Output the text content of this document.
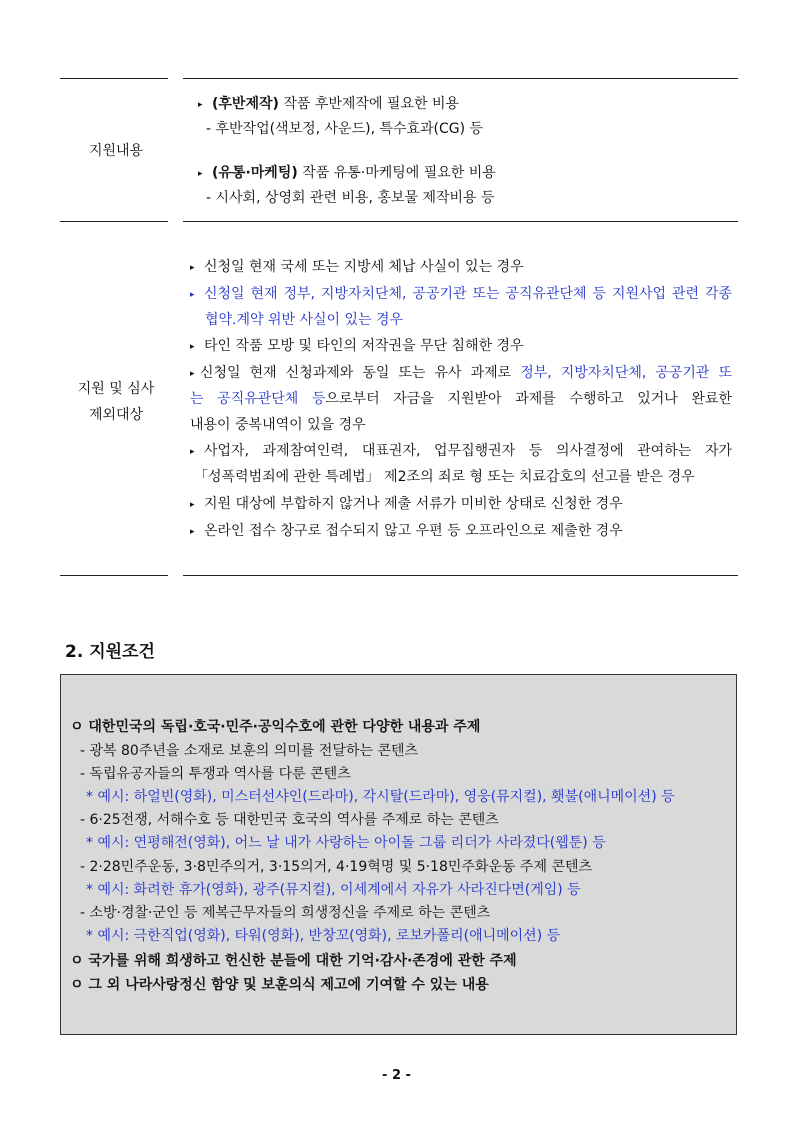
지원내용
▸ (후반제작) 작품 후반제작에 필요한 비용
- 후반작업(색보정, 사운드), 특수효과(CG) 등
▸ (유통·마케팅) 작품 유통·마케팅에 필요한 비용
- 시사회, 상영회 관련 비용, 홍보물 제작비용 등
지원 및 심사
제외대상
▸ 신청일 현재 국세 또는 지방세 체납 사실이 있는 경우
▸ 신청일 현재 정부, 지방자치단체, 공공기관 또는 공직유관단체 등 지원사업 관련 각종
협약.계약 위반 사실이 있는 경우
▸ 타인 작품 모방 및 타인의 저작권을 무단 침해한 경우
▸ 신청일 현재 신청과제와 동일 또는 유사 과제로 정부, 지방자치단체, 공공기관 또
는 공직유관단체 등으로부터 자금을 지원받아 과제를 수행하고 있거나 완료한
내용이 중복내역이 있을 경우
▸ 사업자, 과제참여인력, 대표권자, 업무집행권자 등 의사결정에 관여하는 자가
「성폭력범죄에 관한 특례법」 제2조의 죄로 형 또는 치료감호의 선고를 받은 경우
▸ 지원 대상에 부합하지 않거나 제출 서류가 미비한 상태로 신청한 경우
▸ 온라인 접수 창구로 접수되지 않고 우편 등 오프라인으로 제출한 경우
2. 지원조건
ㅇ 대한민국의 독립·호국·민주·공익수호에 관한 다양한 내용과 주제
- 광복 80주년을 소재로 보훈의 의미를 전달하는 콘텐츠
- 독립유공자들의 투쟁과 역사를 다룬 콘텐츠
* 예시: 하얼빈(영화), 미스터선샤인(드라마), 각시탈(드라마), 영웅(뮤지컬), 횃불(애니메이션) 등
- 6·25전쟁, 서해수호 등 대한민국 호국의 역사를 주제로 하는 콘텐츠
* 예시: 연평해전(영화), 어느 날 내가 사랑하는 아이돌 그룹 리더가 사라졌다(웹툰) 등
- 2·28민주운동, 3·8민주의거, 3·15의거, 4·19혁명 및 5·18민주화운동 주제 콘텐츠
* 예시: 화려한 휴가(영화), 광주(뮤지컬), 이세계에서 자유가 사라진다면(게임) 등
- 소방·경찰·군인 등 제복근무자들의 희생정신을 주제로 하는 콘텐츠
* 예시: 극한직업(영화), 타워(영화), 반창꼬(영화), 로보카폴리(애니메이션) 등
ㅇ 국가를 위해 희생하고 헌신한 분들에 대한 기억·감사·존경에 관한 주제
ㅇ 그 외 나라사랑정신 함양 및 보훈의식 제고에 기여할 수 있는 내용
- 2 -
